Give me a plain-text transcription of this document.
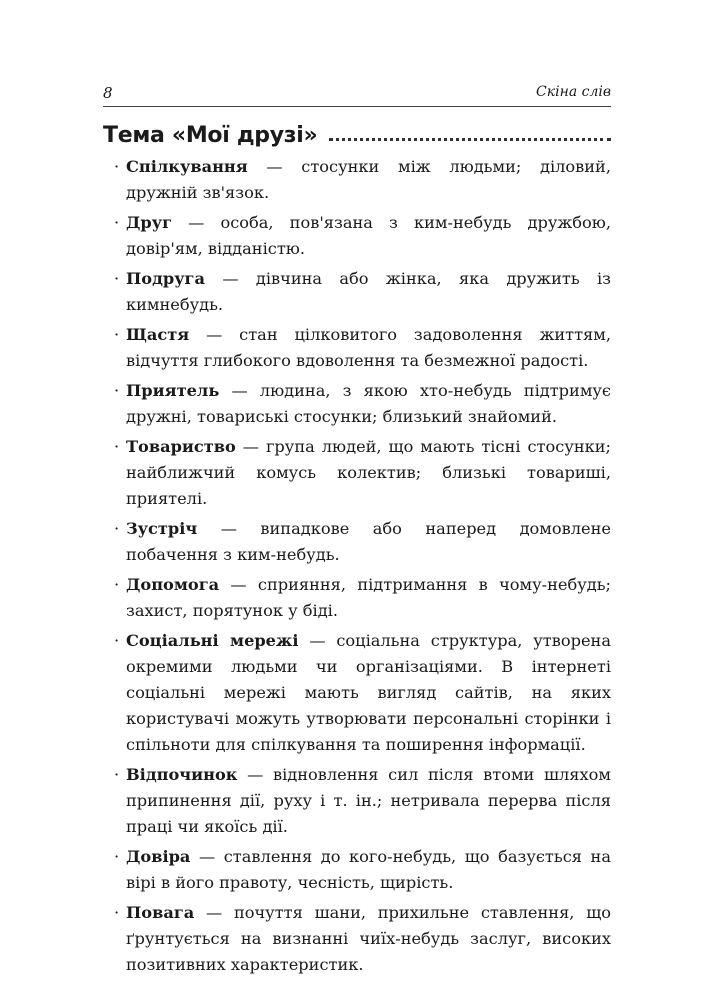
8	Скіна слів
Тема «Мої друзі»
· Спілкування — стосунки між людьми; діловий, дружній зв'язок.
· Друг — особа, пов'язана з ким-небудь дружбою, довір'ям, відданістю.
· Подруга — дівчина або жінка, яка дружить із кимнебудь.
· Щастя — стан цілковитого задоволення життям, відчуття глибокого вдоволення та безмежної радості.
· Приятель — людина, з якою хто-небудь підтримує дружні, товариські стосунки; близький знайомий.
· Товариство — група людей, що мають тісні стосунки; найближчий комусь колектив; близькі товариші, приятелі.
· Зустріч — випадкове або наперед домовлене побачення з ким-небудь.
· Допомога — сприяння, підтримання в чому-небудь; захист, порятунок у біді.
· Соціальні мережі — соціальна структура, утворена окремими людьми чи організаціями. В інтернеті соціальні мережі мають вигляд сайтів, на яких користувачі можуть утворювати персональні сторінки і спільноти для спілкування та поширення інформації.
· Відпочинок — відновлення сил після втоми шляхом припинення дії, руху і т. ін.; нетривала перерва після праці чи якоїсь дії.
· Довіра — ставлення до кого-небудь, що базується на вірі в його правоту, чесність, щирість.
· Повага — почуття шани, прихильне ставлення, що ґрунтується на визнанні чиїх-небудь заслуг, високих позитивних характеристик.
